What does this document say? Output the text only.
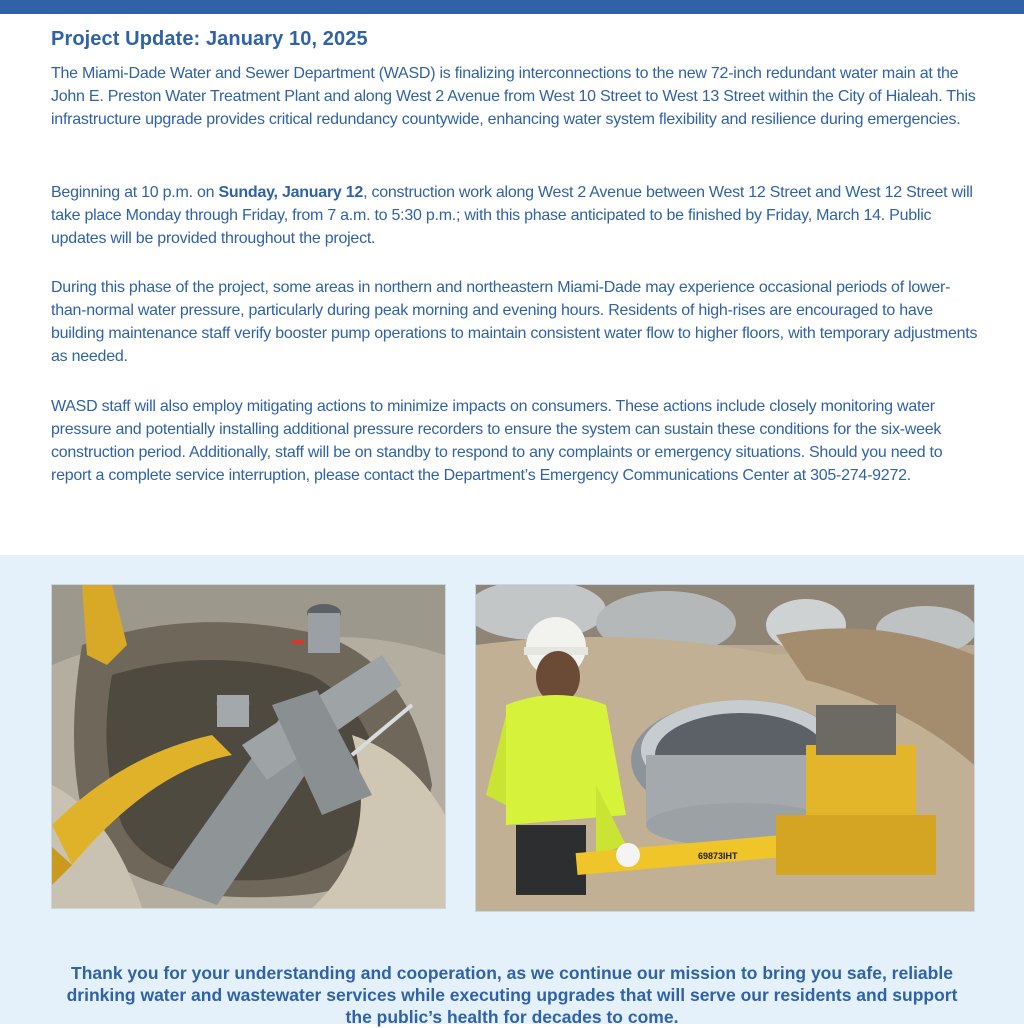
Project Update: January 10, 2025

The Miami-Dade Water and Sewer Department (WASD) is finalizing interconnections to the new 72-inch redundant water main at the John E. Preston Water Treatment Plant and along West 2 Avenue from West 10 Street to West 13 Street within the City of Hialeah. This infrastructure upgrade provides critical redundancy countywide, enhancing water system flexibility and resilience during emergencies.

Beginning at 10 p.m. on Sunday, January 12, construction work along West 2 Avenue between West 12 Street and West 12 Street will take place Monday through Friday, from 7 a.m. to 5:30 p.m.; with this phase anticipated to be finished by Friday, March 14. Public updates will be provided throughout the project.

During this phase of the project, some areas in northern and northeastern Miami-Dade may experience occasional periods of lower-than-normal water pressure, particularly during peak morning and evening hours. Residents of high-rises are encouraged to have building maintenance staff verify booster pump operations to maintain consistent water flow to higher floors, with temporary adjustments as needed.

WASD staff will also employ mitigating actions to minimize impacts on consumers. These actions include closely monitoring water pressure and potentially installing additional pressure recorders to ensure the system can sustain these conditions for the six-week construction period. Additionally, staff will be on standby to respond to any complaints or emergency situations. Should you need to report a complete service interruption, please contact the Department’s Emergency Communications Center at 305-274-9272.

69873IHT

Thank you for your understanding and cooperation, as we continue our mission to bring you safe, reliable drinking water and wastewater services while executing upgrades that will serve our residents and support the public’s health for decades to come.
